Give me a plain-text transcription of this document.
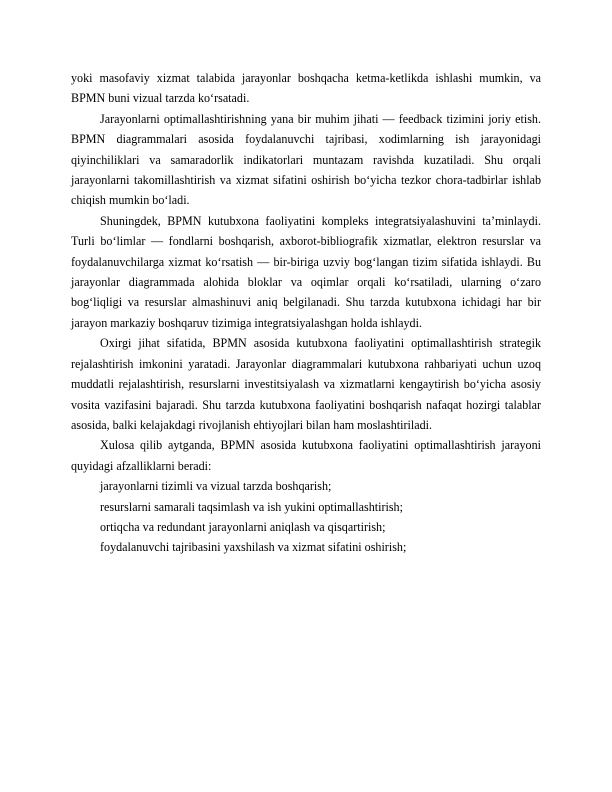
yoki masofaviy xizmat talabida jarayonlar boshqacha ketma-ketlikda ishlashi mumkin, va BPMN buni vizual tarzda ko‘rsatadi.

Jarayonlarni optimallashtirishning yana bir muhim jihati — feedback tizimini joriy etish. BPMN diagrammalari asosida foydalanuvchi tajribasi, xodimlarning ish jarayonidagi qiyinchiliklari va samaradorlik indikatorlari muntazam ravishda kuzatiladi. Shu orqali jarayonlarni takomillashtirish va xizmat sifatini oshirish bo‘yicha tezkor chora-tadbirlar ishlab chiqish mumkin bo‘ladi.

Shuningdek, BPMN kutubxona faoliyatini kompleks integratsiyalashuvini ta’minlaydi. Turli bo‘limlar — fondlarni boshqarish, axborot-bibliografik xizmatlar, elektron resurslar va foydalanuvchilarga xizmat ko‘rsatish — bir-biriga uzviy bog‘langan tizim sifatida ishlaydi. Bu jarayonlar diagrammada alohida bloklar va oqimlar orqali ko‘rsatiladi, ularning o‘zaro bog‘liqligi va resurslar almashinuvi aniq belgilanadi. Shu tarzda kutubxona ichidagi har bir jarayon markaziy boshqaruv tizimiga integratsiyalashgan holda ishlaydi.

Oxirgi jihat sifatida, BPMN asosida kutubxona faoliyatini optimallashtirish strategik rejalashtirish imkonini yaratadi. Jarayonlar diagrammalari kutubxona rahbariyati uchun uzoq muddatli rejalashtirish, resurslarni investitsiyalash va xizmatlarni kengaytirish bo‘yicha asosiy vosita vazifasini bajaradi. Shu tarzda kutubxona faoliyatini boshqarish nafaqat hozirgi talablar asosida, balki kelajakdagi rivojlanish ehtiyojlari bilan ham moslashtiriladi.

Xulosa qilib aytganda, BPMN asosida kutubxona faoliyatini optimallashtirish jarayoni quyidagi afzalliklarni beradi:

jarayonlarni tizimli va vizual tarzda boshqarish;

resurslarni samarali taqsimlash va ish yukini optimallashtirish;

ortiqcha va redundant jarayonlarni aniqlash va qisqartirish;

foydalanuvchi tajribasini yaxshilash va xizmat sifatini oshirish;
